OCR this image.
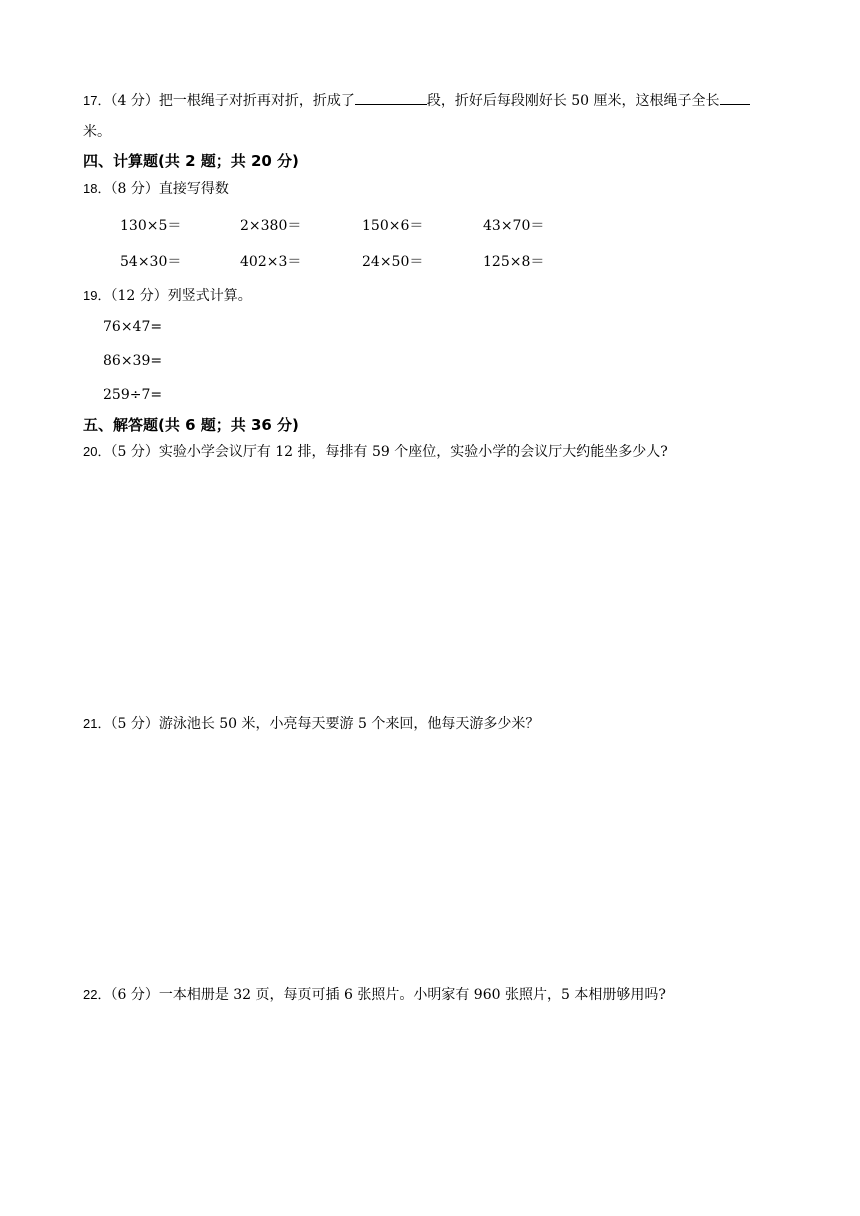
17．（4 分）把一根绳子对折再对折，折成了	段，折好后每段刚好长 50 厘米，这根绳子全长
米。
四、计算题(共 2 题；共 20 分)
18．（8 分）直接写得数
130×5＝	2×380＝	150×6＝	43×70＝
54×30＝	402×3＝	24×50＝	125×8＝
19．（12 分）列竖式计算。
76×47=
86×39=
259÷7=
五、解答题(共 6 题；共 36 分)
20．（5 分）实验小学会议厅有 12 排，每排有 59 个座位，实验小学的会议厅大约能坐多少人?
21．（5 分）游泳池长 50 米，小亮每天要游 5 个来回，他每天游多少米？
22．（6 分）一本相册是 32 页，每页可插 6 张照片。小明家有 960 张照片，5 本相册够用吗?
